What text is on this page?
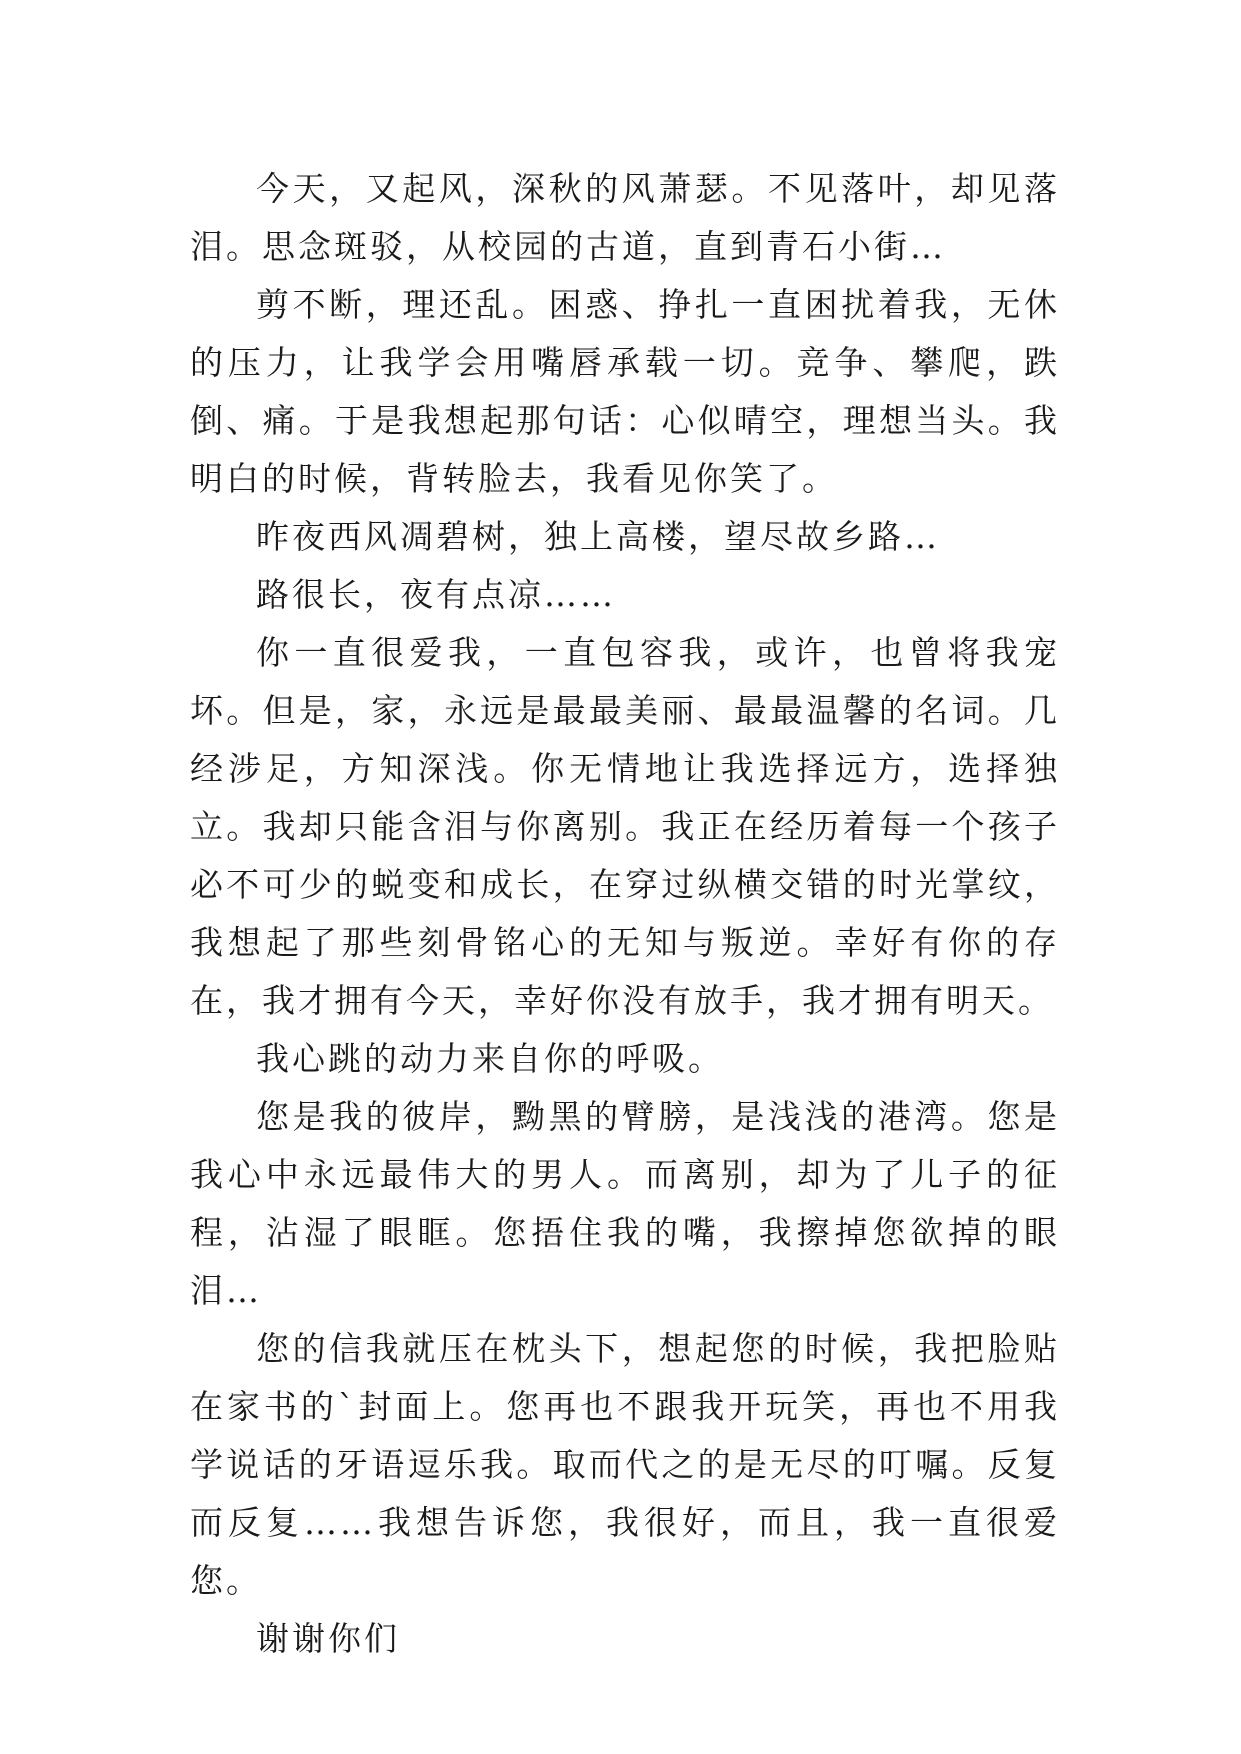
今天，又起风，深秋的风萧瑟。不见落叶，却见落泪。思念斑驳，从校园的古道，直到青石小街…

剪不断，理还乱。困惑、挣扎一直困扰着我，无休的压力，让我学会用嘴唇承载一切。竞争、攀爬，跌倒、痛。于是我想起那句话：心似晴空，理想当头。我明白的时候，背转脸去，我看见你笑了。

昨夜西风凋碧树，独上高楼，望尽故乡路…

路很长，夜有点凉……

你一直很爱我，一直包容我，或许，也曾将我宠坏。但是，家，永远是最最美丽、最最温馨的名词。几经涉足，方知深浅。你无情地让我选择远方，选择独立。我却只能含泪与你离别。我正在经历着每一个孩子必不可少的蜕变和成长，在穿过纵横交错的时光掌纹，我想起了那些刻骨铭心的无知与叛逆。幸好有你的存在，我才拥有今天，幸好你没有放手，我才拥有明天。

我心跳的动力来自你的呼吸。

您是我的彼岸，黝黑的臂膀，是浅浅的港湾。您是我心中永远最伟大的男人。而离别，却为了儿子的征程，沾湿了眼眶。您捂住我的嘴，我擦掉您欲掉的眼泪…

您的信我就压在枕头下，想起您的时候，我把脸贴在家书的`封面上。您再也不跟我开玩笑，再也不用我学说话的牙语逗乐我。取而代之的是无尽的叮嘱。反复而反复……我想告诉您，我很好，而且，我一直很爱您。

谢谢你们
